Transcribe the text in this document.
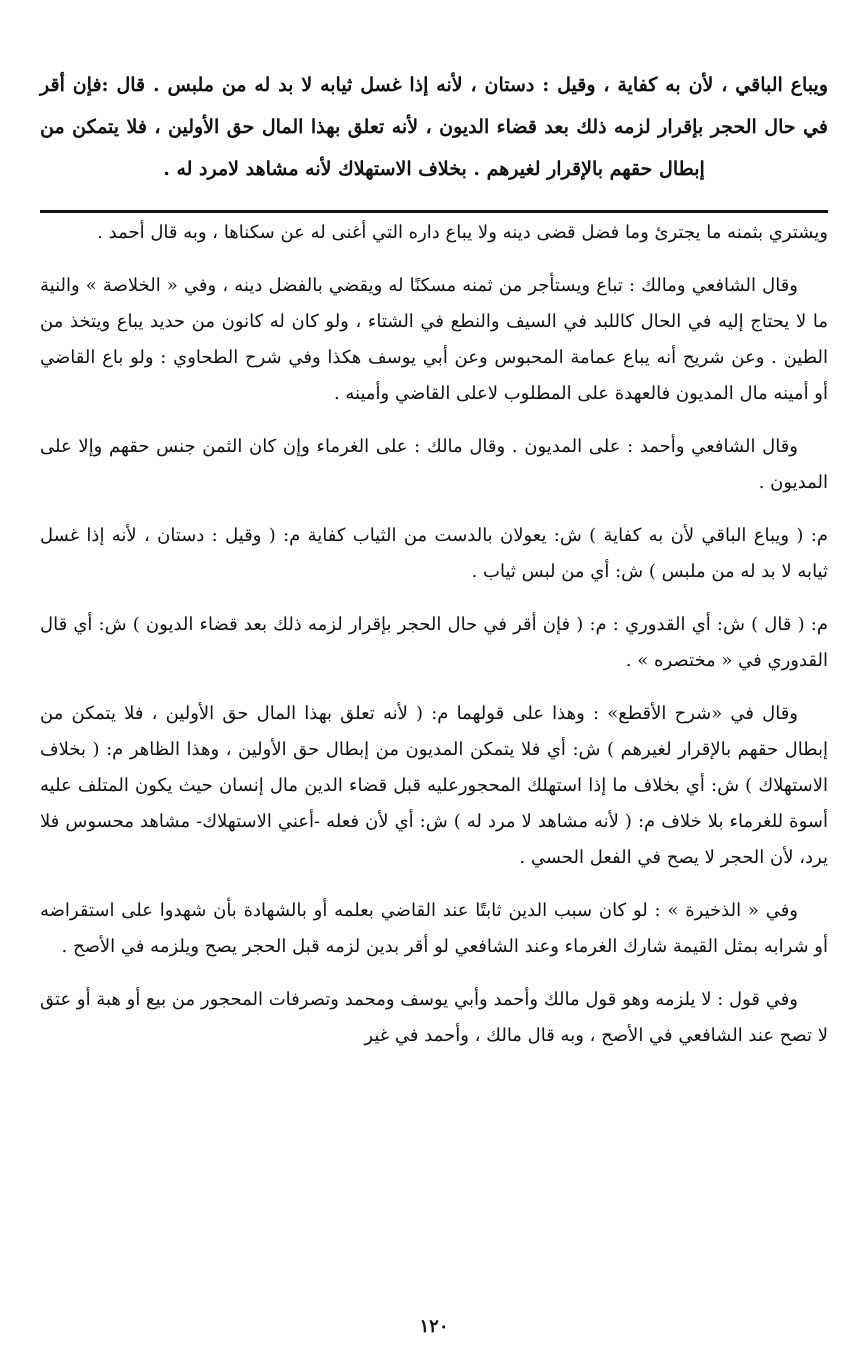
ويباع الباقي ، لأن به كفاية ، وقيل : دستان ، لأنه إذا غسل ثيابه لا بد له من ملبس . قال :فإن أقر في حال الحجر بإقرار لزمه ذلك بعد قضاء الديون ، لأنه تعلق بهذا المال حق الأولين ، فلا يتمكن من إبطال حقهم بالإقرار لغيرهم . بخلاف الاستهلاك لأنه مشاهد لامرد له .

ويشتري بثمنه ما يجترئ وما فضل قضى دينه ولا يباع داره التي أغنى له عن سكناها ، وبه قال أحمد .

وقال الشافعي ومالك : تباع ويستأجر من ثمنه مسكنًا له ويقضي بالفضل دينه ، وفي « الخلاصة » والنية ما لا يحتاج إليه في الحال كاللبد في السيف والنطع في الشتاء ، ولو كان له كانون من حديد يباع ويتخذ من الطين . وعن شريح أنه يباع عمامة المحبوس وعن أبي يوسف هكذا وفي شرح الطحاوي : ولو باع القاضي أو أمينه مال المديون فالعهدة على المطلوب لاعلى القاضي وأمينه .

وقال الشافعي وأحمد : على المديون . وقال مالك : على الغرماء وإن كان الثمن جنس حقهم وإلا على المديون .

م: ( ويباع الباقي لأن به كفاية ) ش: يعولان بالدست من الثياب كفاية م: ( وقيل : دستان ، لأنه إذا غسل ثيابه لا بد له من ملبس ) ش: أي من لبس ثياب .

م: ( قال ) ش: أي القدوري : م: ( فإن أقر في حال الحجر بإقرار لزمه ذلك بعد قضاء الديون ) ش: أي قال القدوري في « مختصره » .

وقال في «شرح الأقطع» : وهذا على قولهما م: ( لأنه تعلق بهذا المال حق الأولين ، فلا يتمكن من إبطال حقهم بالإقرار لغيرهم ) ش: أي فلا يتمكن المديون من إبطال حق الأولين ، وهذا الظاهر م: ( بخلاف الاستهلاك ) ش: أي بخلاف ما إذا استهلك المحجورعليه قبل قضاء الدين مال إنسان حيث يكون المتلف عليه أسوة للغرماء بلا خلاف م: ( لأنه مشاهد لا مرد له ) ش: أي لأن فعله -أعني الاستهلاك- مشاهد محسوس فلا يرد، لأن الحجر لا يصح في الفعل الحسي .

وفي « الذخيرة » : لو كان سبب الدين ثابتًا عند القاضي بعلمه أو بالشهادة بأن شهدوا على استقراضه أو شرابه بمثل القيمة شارك الغرماء وعند الشافعي لو أقر بدين لزمه قبل الحجر يصح ويلزمه في الأصح .

وفي قول : لا يلزمه وهو قول مالك وأحمد وأبي يوسف ومحمد وتصرفات المحجور من بيع أو هبة أو عتق لا تصح عند الشافعي في الأصح ، وبه قال مالك ، وأحمد في غير

١٢٠
